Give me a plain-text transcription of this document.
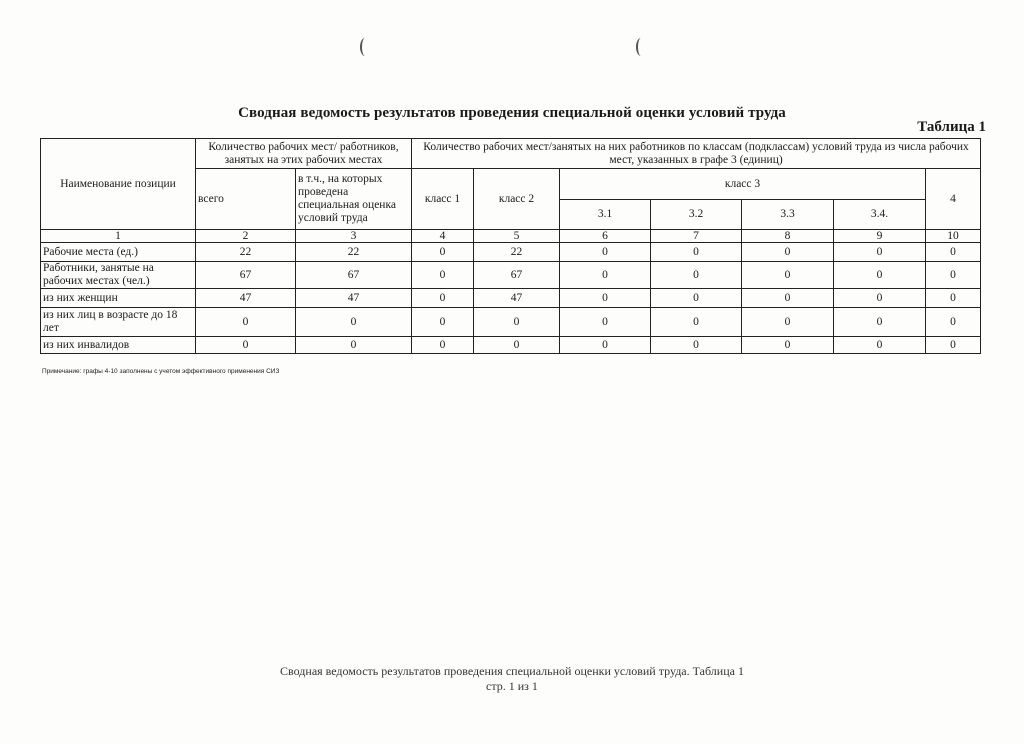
Сводная ведомость результатов проведения специальной оценки условий труда
Таблица 1
Наименование позиции	Количество рабочих мест/ работников, занятых на этих рабочих местах		Количество рабочих мест/занятых на них работников по классам (подклассам) условий труда из числа рабочих мест, указанных в графе 3 (единиц)						
	всего	в т.ч., на которых проведена специальная оценка условий труда	класс 1	класс 2	класс 3				4
					3.1	3.2	3.3	3.4.	
1	2	3	4	5	6	7	8	9	10
Рабочие места (ед.)	22	22	0	22	0	0	0	0	0
Работники, занятые на рабочих местах (чел.)	67	67	0	67	0	0	0	0	0
из них женщин	47	47	0	47	0	0	0	0	0
из них лиц в возрасте до 18 лет	0	0	0	0	0	0	0	0	0
из них инвалидов	0	0	0	0	0	0	0	0	0
Примечание: графы 4-10 заполнены с учетом эффективного применения СИЗ
Сводная ведомость результатов проведения специальной оценки условий труда. Таблица 1
стр. 1 из 1
